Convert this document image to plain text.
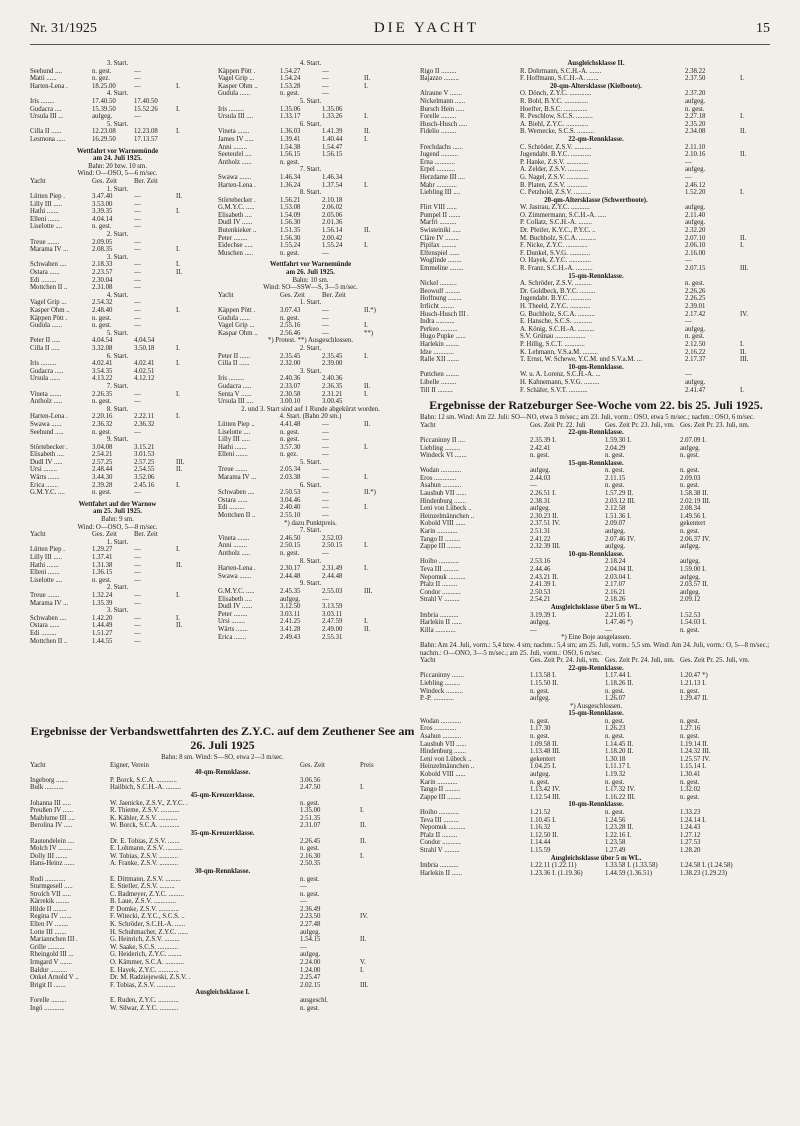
Nr. 31/1925	DIE YACHT	15
3. Start.
Seehund ....	n. gest.	—
Matti ......	n. gez.	—
Harten-Lena .	18.25.00	—	I.
4. Start.
Iris ........	17.40.50	17.40.50
Gudacra ....	15.39.50	15.52.26	I.
Ursula III ...	aufgeg.	—
5. Start.
Cilla II ......	12.23.08	12.23.08	I.
Lesmona .....	16.29.50	17.13.57
Wettfahrt vor Warnemünde
am 24. Juli 1925.
Bahn: 20 bzw. 10 sm.
Wind: O—OSO, 5—6 m/sec.
Yacht	Ges. Zeit	Ber. Zeit
1. Start.
Lütten Piep .	3.47.40	—	II.
Lilly III .....	3.53.00	—
Hathi .......	3.39.35	—	I.
Elleni .......	4.04.14	—
Liselotte ....	n. gest.	—
2. Start.
Treue .......	2.09.05	—
Marama IV ...	2.08.35	—	I.
3. Start.
Schwaben ....	2.18.33	—	I.
Ostara ......	2.23.57	—	II.
Edi .........	2.30.04	—
Mottchen II ..	2.31.08	—
4. Start.
Vagel Grip ...	2.54.32	—
Kasper Ohm ..	2.48.40	—	I.
Käppen Pött .	n. gest.	—
Gudula ......	n. gest.	—
5. Start.
Peter II .....	4.04.54	4.04.54
Cilla II .....	3.32.08	3.50.18	I.
6. Start.
Iris .........	4.02.41	4.02.41	I.
Gudacra .....	3.54.35	4.02.51
Ursula ......	4.13.22	4.12.12
7. Start.
Vineta .......	2.26.35	—	I.
Antholz .....	n. gest.	—
8. Start.
Harten-Lena .	2.20.16	2.22.11	I.
Swawa ......	2.36.32	2.36.32
Seehund .....	n. gest.	—
9. Start.
Störtebecker .	3.04.08	3.15.21
Elisabeth ....	2.54.21	3.01.53
Dudl IV .....	2.57.25	2.57.25	III.
Ursi ........	2.48.44	2.54.55	II.
Wärts .......	3.44.30	3.52.06
Erica .......	2.39.28	2.45.16	I.
G.M.Y.C. ....	n. gest.	—
Wettfahrt auf der Warnow
am 25. Juli 1925.
Bahn: 9 sm.
Wind: O—OSO, 5—8 m/sec.
Yacht	Ges. Zeit	Ber. Zeit
1. Start.
Lütten Piep .	1.29.27	—	I.
Lilly III .....	1.37.41	—
Hathi .......	1.31.38	—	II.
Elleni .......	1.36.15	—
Liselotte ....	n. gest.	—
2. Start.
Treue .......	1.32.24	—	I.
Marama IV ...	1.35.39	—
3. Start.
Schwaben ....	1.42.20	—	I.
Ostara ......	1.44.49	—	II.
Edi .........	1.51.27	—
Mottchen II ..	1.44.55	—
4. Start.
Käppen Pött .	1.54.27	—
Vagel Grip ...	1.54.24	—	II.
Kasper Ohm ..	1.53.28	—	I.
Gudula ......	n. gest.	—
5. Start.
Iris .........	1.35.06	1.35.06
Ursula III ....	1.33.17	1.33.26	I.
6. Start.
Vineta .......	1.36.03	1.41.39	II.
James IV .....	1.39.41	1.40.44	I.
Anni ........	1.54.38	1.54.47
Seeteufel ....	1.56.15	1.56.15
Antholz ......	n. gest.
7. Start.
Swawa .......	1.46.34	1.46.34
Harten-Lena .	1.36.24	1.37.54	I.
8. Start.
Störtebecker .	1.56.21	2.10.18
G.M.Y.C. .....	1.53.08	2.06.02
Elisabeth ....	1.54.09	2.05.06
Dudl IV ......	1.56.30	2.01.36
Butenkieker ..	1.51.35	1.56.14	II.
Peter ........	1.56.30	2.00.42
Eidechse .....	1.55.24	1.55.24	I.
Muschen .....	n. gest.	—
Wettfahrt vor Warnemünde
am 26. Juli 1925.
Bahn: 10 sm.
Wind: SO—SSW—S, 3—5 m/sec.
Yacht	Ges. Zeit	Ber. Zeit
1. Start.
Käppen Pött .	3.07.43	—	II.*)
Gudula ......	n. gest.	—
Vagel Grip ...	2.55.16	—	I.
Kaspar Ohm ..	2.56.46	—	**)
*) Protest. **) Ausgeschlossen.
2. Start.
Peter II ......	2.35.45	2.35.45	I.
Cilla II ......	2.32.00	2.39.00
3. Start.
Iris .........	2.40.36	2.40.36
Gudacra .....	2.33.07	2.36.35	II.
Senta V ......	2.30.58	2.31.21	I.
Ursula III ....	3.00.10	3.00.45
2. und 3. Start sind auf 1 Runde abgekürzt worden.
4. Start. (Bahn 20 sm.)
Lütten Piep ..	4.41.48	—	II.
Liselotte ....	n. gest.	—
Lilly III .....	n. gest.	—
Hathi .......	3.57.30	—	I.
Elleni .......	n. gez.	—
5. Start.
Treue .......	2.05.34	—
Marama IV ...	2.03.38	—	I.
6. Start.
Schwaben ....	2.50.53	—	II.*)
Ostara ......	3.04.46	—
Edi .........	2.40.40	—	I.
Mottchen II ..	2.55.10	—
*) dazu Punktpreis.
7. Start.
Vineta .......	2.46.50	2.52.03
Anni ........	2.50.15	2.50.15	I.
Antholz .....	n. gest.	—
8. Start.
Harten-Lena .	2.30.17	2.31.49	I.
Swawa .......	2.44.48	2.44.48
9. Start.
G.M.Y.C. .....	2.45.35	2.55.03	III.
Elisabeth ....	aufgeg.	—
Dudl IV ......	3.12.50	3.13.59
Peter ........	3.03.11	3.03.11
Ursi ........	2.41.25	2.47.59	I.
Wärts .......	3.41.28	2.49.00	II.
Erica .......	2.49.43	2.55.31
Ergebnisse der Verbandswettfahrten des Z.Y.C. auf dem Zeuthener See am 26. Juli 1925
Bahn: 8 sm. Wind: S—SO, etwa 2—3 m/sec.
Yacht	Eigner, Verein	Ges. Zeit	Preis
40-qm-Rennklasse.
Ingeborg .......	P. Borck, S.C.A. ............	3.06.56
Bulk ...........	Hailbich, S.C.H.-A. .........	2.47.50	I.
45-qm-Kreuzerklasse.
Johanna III .....	W. Jaenicke, Z.S.V., Z.Y.C. .	n. gest.
Preußen IV ......	R. Thieme, Z.S.V. ...........	1.35.00	I.
Maiblume III ....	K. Kähler, Z.S.V. ...........	2.51.35
Berolina IV .....	W. Borck, S.C.A. ............	2.31.07	II.
35-qm-Kreuzerklasse.
Rautendelein ....	Dr. E. Tobias, Z.S.V. .......	2.26.45	II.
Molch IV ........	E. Lohmann, Z.S.V. ..........	n. gest.
Dolly III .......	W. Tobias, Z.S.V. ...........	2.16.30	I.
Hans-Heinz ......	A. Franke, Z.S.V. ...........	2.50.35
30-qm-Rennklasse.
Rudi ............	E. Dittmann, Z.S.V. .........	n. gest.
Sturmgesell .....	E. Stiefler, Z.S.V. .........	—
Strolch VII .....	C. Badmeyer, Z.Y.C. .........	n. gest.
Kärrekik ........	B. Laue, Z.S.V. .............	—
Hilde II ........	P. Domke, Z.S.V. ............	2.36.49
Regina IV .......	F. Witecki, Z.Y.C., S.C.S. ..	2.23.50	IV.
Ellen IV ........	K. Schröder, S.C.H.-A. ......	2.27.48
Lotte III .......	H. Schuhmacher, Z.Y.C. ......	aufgeg.
Mariannchen III .	G. Heinrich, Z.S.V. .........	1.54.15	II.
Grille ..........	W. Saake, S.C.S. ............	—
Rheingold III ...	G. Heiderich, Z.Y.C. ........	aufgeg.
Irmgard V .......	O. Kämmer, S.C.A. ...........	2.24.00	V.
Baldur ..........	E. Hayek, Z.Y.C. ............	1.24.00	I.
Onkel Arnold V ..	Dr. M. Radziejewski, Z.S.V. .	2.25.47
Brigit II .......	F. Tobias, Z.S.V. ...........	2.02.15	III.
Ausgleichsklasse I.
Forelle .........	E. Ruden, Z.Y.C. ............	ausgeschl.
Ingö ............	W. Silwar, Z.Y.C. ...........	n. gest.
Ausgleichsklasse II.
Rigo II .........	R. Dohrmann, S.C.H.-A. .......	2.38.22
Bajazzo .........	F. Hoffmann, S.C.H.-A. .......	2.37.50	I.
20-qm-Altersklasse (Kielboote).
Alraune V .......	O. Dönch, Z.Y.C. .............	2.37.20
Nickelmann ......	R. Bohl, B.Y.C. ..............	aufgeg.
Bursch Hein .....	Hoeffer, B.S.C. ..............	n. gest.
Forelle .........	R. Peschlow, S.C.S. ..........	2.27.18	I.
Husch-Husch .....	A. Biehl, Z.Y.C. .............	2.35.20
Fidelio .........	B. Wernecke, S.C.S. ..........	2.34.08	II.
22-qm-Rennklasse.
Frechdachs ......	C. Schröder, Z.S.V. ..........	2.11.10
Jugend ..........	Jugendabt. B.Y.C. ............	2.10.16	II.
Erna ............	P. Hanke, Z.S.V. .............	—
Erpel ...........	A. Zelder, Z.S.V. ............	aufgeg.
Herzdame III ....	G. Nagel, Z.S.V. .............	—
Mahr ............	B. Platen, Z.S.V. ............	2.46.12
Liebling III ....	C. Petzhold, Z.S.V. ..........	1.52.20	I.
20-qm-Altersklasse (Schwertboote).
Flirt VIII ......	W. Jastrau, Z.Y.C. ...........	aufgeg.
Pumpel II .......	O. Zimmermann, S.C.H.-A. .....	2.11.40
Marfri ..........	P. Collatz, S.C.H.-A. ........	aufgeg.
Swisteiniki .....	Dr. Pfeifer, K.Y.C., P.Y.C. ..	2.32.20
Cläre IV ........	M. Buchholz, S.C.A. ..........	2.07.10	II.
Pipifax .........	F. Nicke, Z.Y.C. .............	2.06.10	I.
Elfenspiel ......	F. Dunkel, S.V.G. ............	2.16.00
Woglinde ........	O. Hayek, Z.Y.C. .............	—
Emmeline ........	R. Franz, S.C.H.-A. ..........	2.07.15	III.
15-qm-Rennklasse.
Nickel ..........	A. Schröder, Z.S.V. ..........	n. gest.
Beowulf .........	Dr. Goldbeck, B.Y.C. .........	2.26.26
Hoffnung ........	Jugendabt. B.Y.C. ............	2.26.25
Irrlicht ........	H. Theeld, Z.Y.C. ............	2.39.01
Husch-Husch III .	G. Buchholz, S.C.A. ..........	2.17.42	IV.
Indra ...........	E. Hansche, S.C.S. ...........	—
Perkeo ..........	A. König, S.C.H.-A. ..........	aufgeg.
Hugo Pupke ......	S.V. Grünau ..................	n. gest.
Harlekin ........	P. Hillig, S.C.T. ............	2.12.50	I.
Idze ............	K. Lehmann, V.S.a.M. .........	2.16.22	II.
Ralle XII .......	T. Ernst, W. Schewe, Y.C.M. und S.V.a.M. ...	2.17.37	III.
10-qm-Rennklasse.
Puttchen ........	W. u. A. Lorenz, S.C.H.-A. ...	—
Libelle .........	H. Kahnemann, S.V.G. .........	aufgeg.
Till II .........	F. Schäfer, S.V.T. ...........	2.41.47	I.
Ergebnisse der Ratzeburger See-Woche vom 22. bis 25. Juli 1925.
Bahn: 12 sm. Wind: Am 22. Juli: SO—NO, etwa 3 m/sec.; am 23. Juli, vorm.: OSO, etwa 5 m/sec.; nachm.: OSO, 6 m/sec.
Yacht	Ges. Zeit Pr. 22. Juli	Ges. Zeit Pr. 23. Juli, vm. Ges. Zeit Pr. 23. Juli, nm.
22-qm-Rennklasse.
Piccaninny II ....	2.35.39 I.	1.59.30 I.	2.07.09 I.
Liebling .........	2.42.41	2.04.29	aufgeg.
Windeck VI .......	n. gest.	n. gest.	n. gest.
15-qm-Rennklasse.
Wodan ............	aufgeg.	n. gest.	n. gest.
Eros .............	2.44.03	2.11.15	2.09.03
Asahun ...........	—	n. gest.	n. gest.
Lausbub VII ......	2.26.51 I.	1.57.29 II.	1.58.38 II.
Hindenburg .......	2.38.31	2.03.12 III.	2.02.19 III.
Leni von Lübeck ..	aufgeg.	2.12.58	2.08.34
Heinzelmännchen ..	2.30.23 II.	1.51.36 I.	1.49.56 I.
Kobold VIII ......	2.37.51 IV.	2.09.07	gekentert
Karin ............	2.51.31	aufgeg.	n. gest.
Tango II .........	2.41.22	2.07.46 IV.	2.06.37 IV.
Zappe III ........	2.32.39 III.	aufgeg.	aufgeg.
10-qm-Rennklasse.
Hoiho ............	2.53.16	2.18.24	aufgeg.
Teva III .........	2.44.46	2.04.04 II.	1.59.00 I.
Nepomuk ..........	2.43.21 II.	2.03.04 I.	aufgeg.
Pfalz II .........	2.41.39 I.	2.17.07	2.03.57 II.
Condor ...........	2.50.53	2.16.21	aufgeg.
Strahl V .........	2.54.21	2.18.26	2.09.12
Ausgleichsklasse über 5 m WL.
Imbria ...........	3.19.39 I.	2.21.05 I.	1.52.53
Harlekin II ......	aufgeg.	1.47.46 *)	1.54.03 I.
Killa ............	—	—	n. gest.
*) Eine Boje ausgelassen.
Bahn: Am 24. Juli, vorm.: 5,4 bzw. 4 sm; nachm.: 5,4 sm; am 25. Juli, vorm.: 5,5 sm. Wind: Am 24. Juli, vorm.: O, 5—8 m/sec.; nachm.: O—ONO, 3—5 m/sec.; am 25. Juli, vorm.: OSO, 6 m/sec.
Yacht	Ges. Zeit Pr. 24. Juli, vm. Ges. Zeit Pr. 24. Juli, nm. Ges. Zeit Pr. 25. Juli, vm.
22-qm-Rennklasse.
Piccaninny .......	1.13.58 I.	1.17.44 I.	1.20.47 *)
Liebling .........	1.15.50 II.	1.18.26 II.	1.21.13 I.
Windeck ..........	n. gest.	n. gest.	n. gest.
P.-P. ............	aufgeg.	1.26.07	1.29.47 II.
*) Ausgeschlossen.
15-qm-Rennklasse.
Wodan ............	n. gest.	n. gest.	n. gest.
Eros .............	1.17.30	1.26.23	1.27.16
Asahun ...........	n. gest.	n. gest.	n. gest.
Lausbub VII ......	1.09.58 II.	1.14.45 II.	1.19.14 II.
Hindenburg .......	1.13.48 III.	1.18.20 II.	1.24.32 III.
Leni von Lübeck ..	gekentert	1.30.18	1.25.57 IV.
Heinzelmännchen ..	1.04.25 I.	1.11.17 I.	1.15.14 I.
Kobold VIII ......	aufgeg.	1.19.32	1.30.41
Karin ............	n. gest.	n. gest.	n. gest.
Tango II .........	1.13.42 IV.	1.17.32 IV.	1.32.02
Zappe III ........	1.12.54 III.	1.16.22 III.	n. gest.
10-qm-Rennklasse.
Hoiho ............	1.21.52	n. gest.	1.33.23
Teva III .........	1.10.45 I.	1.24.56	1.24.14 I.
Nepomuk ..........	1.16.32	1.23.28 II.	1.24.43
Pfalz II .........	1.12.50 II.	1.22.16 I.	1.27.12
Condor ...........	1.14.44	1.23.58	1.27.53
Strahl V .........	1.15.59	1.27.49	1.28.20
Ausgleichsklasse über 5 m WL.
Imbria ...........	1.22.11 (1.22.11)	1.33.58 I. (1.33.58)	1.24.58 I. (1.24.58)
Harlekin II ......	1.23.36 I. (1.19.36)	1.44.59 (1.36.51)	1.38.23 (1.29.23)
